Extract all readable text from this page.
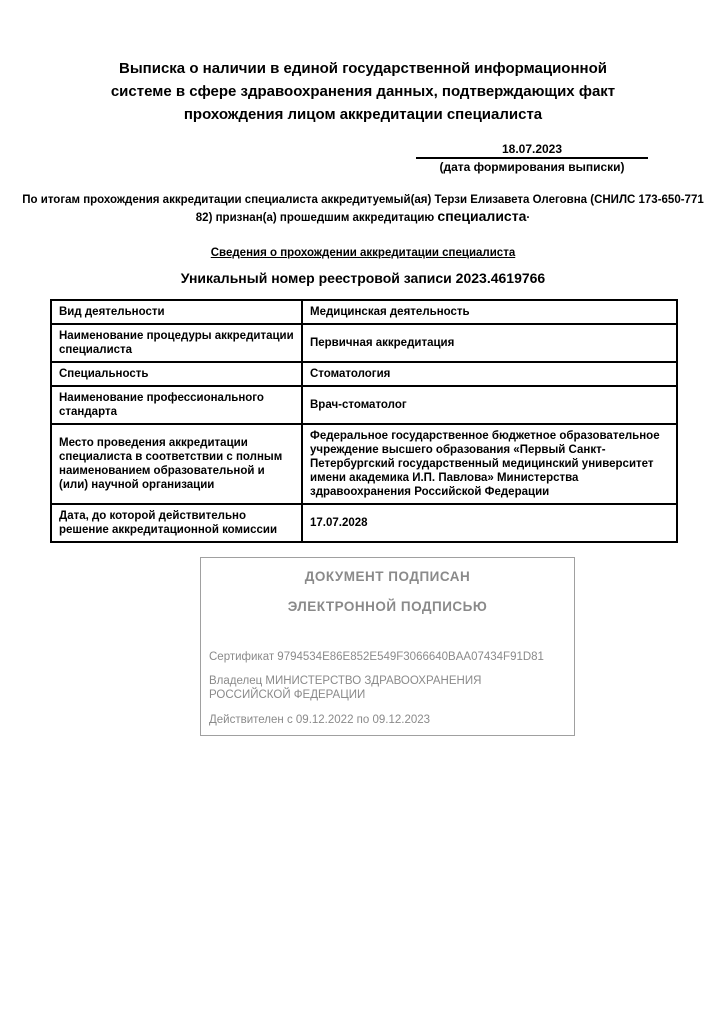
Выписка о наличии в единой государственной информационной
системе в сфере здравоохранения данных, подтверждающих факт
прохождения лицом аккредитации специалиста
18.07.2023
(дата формирования выписки)

По итогам прохождения аккредитации специалиста аккредитуемый(ая) Терзи Елизавета Олеговна (СНИЛС 173-650-771
82) признан(а) прошедшим аккредитацию специалиста·

Сведения о прохождении аккредитации специалиста
Уникальный номер реестровой записи 2023.4619766
Вид деятельности	Медицинская деятельность
Наименование процедуры аккредитации специалиста	Первичная аккредитация
Специальность	Стоматология
Наименование профессионального стандарта	Врач-стоматолог
Место проведения аккредитации специалиста в соответствии с полным наименованием образовательной и (или) научной организации	Федеральное государственное бюджетное образовательное учреждение высшего образования «Первый Санкт-Петербургский государственный медицинский университет имени академика И.П. Павлова» Министерства здравоохранения Российской Федерации
Дата, до которой действительно решение аккредитационной комиссии	17.07.2028
ДОКУМЕНТ ПОДПИСАН
ЭЛЕКТРОННОЙ ПОДПИСЬЮ
Сертификат 9794534E86E852E549F3066640BAA07434F91D81
Владелец МИНИСТЕРСТВО ЗДРАВООХРАНЕНИЯ РОССИЙСКОЙ ФЕДЕРАЦИИ
Действителен с 09.12.2022 по 09.12.2023
